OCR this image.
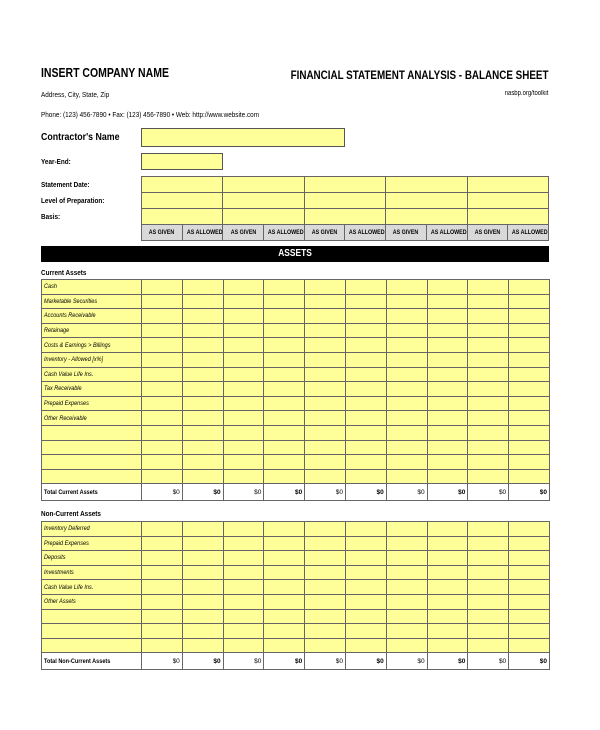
INSERT COMPANY NAME	FINANCIAL STATEMENT ANALYSIS - BALANCE SHEET
Address, City, State, Zip	nasbp.org/toolkit
Phone: (123) 456-7890 • Fax: (123) 456-7890 • Web: http://www.website.com
Contractor's Name
Year-End:
Statement Date:
Level of Preparation:
Basis:

AS GIVEN	AS ALLOWED	AS GIVEN	AS ALLOWED	AS GIVEN	AS ALLOWED	AS GIVEN	AS ALLOWED	AS GIVEN	AS ALLOWED
ASSETS
Current Assets
Cash										
Marketable Securities										
Accounts Receivable										
Retainage										
Costs & Earnings > Billings										
Inventory - Allowed [x%]										
Cash Value Life Ins.										
Tax Receivable										
Prepaid Expenses										
Other Receivable										

Total Current Assets	$0	$0	$0	$0	$0	$0	$0	$0	$0	$0
Non-Current Assets
Inventory Deferred										
Prepaid Expenses										
Deposits										
Investments										
Cash Value Life Ins.										
Other Assets										

Total Non-Current Assets	$0	$0	$0	$0	$0	$0	$0	$0	$0	$0
